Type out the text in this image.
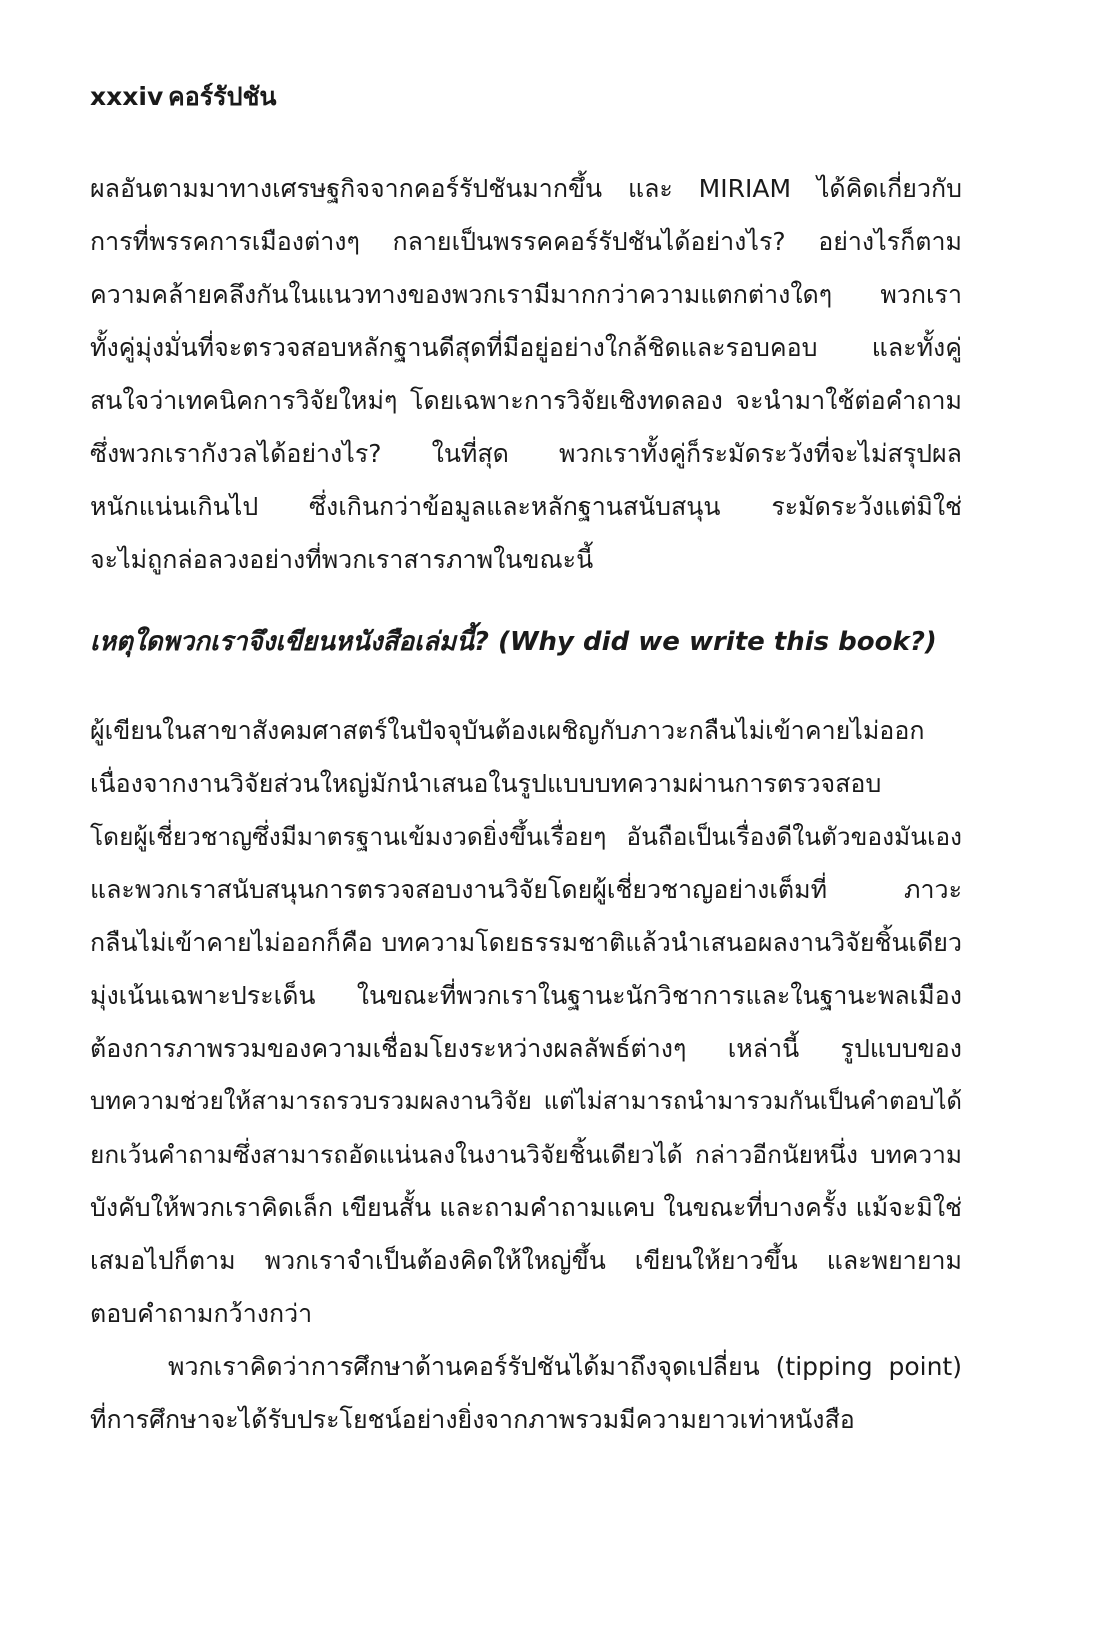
xxxiv คอร์รัปชัน
ผลอันตามมาทางเศรษฐกิจจากคอร์รัปชันมากขึ้น และ MIRIAM ได้คิดเกี่ยวกับ
การที่พรรคการเมืองต่างๆ กลายเป็นพรรคคอร์รัปชันได้อย่างไร? อย่างไรก็ตาม
ความคล้ายคลึงกันในแนวทางของพวกเรามีมากกว่าความแตกต่างใดๆ พวกเรา
ทั้งคู่มุ่งมั่นที่จะตรวจสอบหลักฐานดีสุดที่มีอยู่อย่างใกล้ชิดและรอบคอบ และทั้งคู่
สนใจว่าเทคนิคการวิจัยใหม่ๆ โดยเฉพาะการวิจัยเชิงทดลอง จะนำมาใช้ต่อคำถาม
ซึ่งพวกเรากังวลได้อย่างไร? ในที่สุด พวกเราทั้งคู่ก็ระมัดระวังที่จะไม่สรุปผล
หนักแน่นเกินไป ซึ่งเกินกว่าข้อมูลและหลักฐานสนับสนุน ระมัดระวังแต่มิใช่
จะไม่ถูกล่อลวงอย่างที่พวกเราสารภาพในขณะนี้
เหตุใดพวกเราจึงเขียนหนังสือเล่มนี้? (Why did we write this book?)
ผู้เขียนในสาขาสังคมศาสตร์ในปัจจุบันต้องเผชิญกับภาวะกลืนไม่เข้าคายไม่ออก
เนื่องจากงานวิจัยส่วนใหญ่มักนำเสนอในรูปแบบบทความผ่านการตรวจสอบ
โดยผู้เชี่ยวชาญซึ่งมีมาตรฐานเข้มงวดยิ่งขึ้นเรื่อยๆ อันถือเป็นเรื่องดีในตัวของมันเอง
และพวกเราสนับสนุนการตรวจสอบงานวิจัยโดยผู้เชี่ยวชาญอย่างเต็มที่ ภาวะ
กลืนไม่เข้าคายไม่ออกก็คือ บทความโดยธรรมชาติแล้วนำเสนอผลงานวิจัยชิ้นเดียว
มุ่งเน้นเฉพาะประเด็น ในขณะที่พวกเราในฐานะนักวิชาการและในฐานะพลเมือง
ต้องการภาพรวมของความเชื่อมโยงระหว่างผลลัพธ์ต่างๆ เหล่านี้ รูปแบบของ
บทความช่วยให้สามารถรวบรวมผลงานวิจัย แต่ไม่สามารถนำมารวมกันเป็นคำตอบได้
ยกเว้นคำถามซึ่งสามารถอัดแน่นลงในงานวิจัยชิ้นเดียวได้ กล่าวอีกนัยหนึ่ง บทความ
บังคับให้พวกเราคิดเล็ก เขียนสั้น และถามคำถามแคบ ในขณะที่บางครั้ง แม้จะมิใช่
เสมอไปก็ตาม พวกเราจำเป็นต้องคิดให้ใหญ่ขึ้น เขียนให้ยาวขึ้น และพยายาม
ตอบคำถามกว้างกว่า
พวกเราคิดว่าการศึกษาด้านคอร์รัปชันได้มาถึงจุดเปลี่ยน (tipping point)
ที่การศึกษาจะได้รับประโยชน์อย่างยิ่งจากภาพรวมมีความยาวเท่าหนังสือ
